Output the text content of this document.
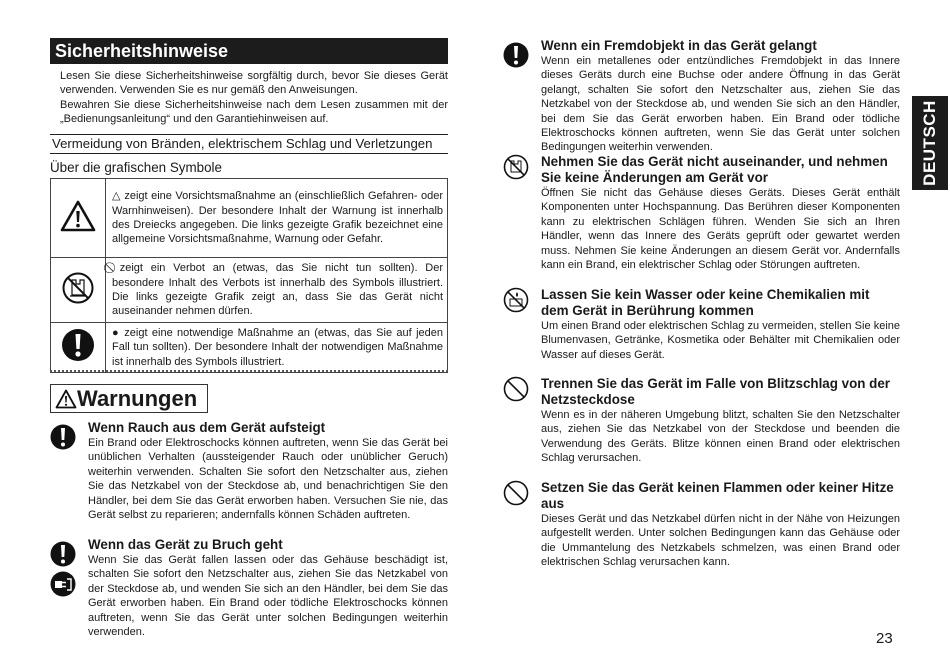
Sicherheitshinweise

Lesen Sie diese Sicherheitshinweise sorgfältig durch, bevor Sie dieses Gerät verwenden. Verwenden Sie es nur gemäß den Anweisungen.

Bewahren Sie diese Sicherheitshinweise nach dem Lesen zusammen mit der „Bedienungsanleitung“ und den Garantiehinweisen auf.

Vermeidung von Bränden, elektrischem Schlag und Verletzungen
Über die grafischen Symbole
	△ zeigt eine Vorsichtsmaßnahme an (einschließlich Gefahren- oder Warnhinweisen). Der besondere Inhalt der Warnung ist innerhalb des Dreiecks angegeben. Die links gezeigte Grafik bezeichnet eine allgemeine Vorsichtsmaßnahme, Warnung oder Gefahr.
	⃠ zeigt ein Verbot an (etwas, das Sie nicht tun sollten). Der besondere Inhalt des Verbots ist innerhalb des Symbols illustriert. Die links gezeigte Grafik zeigt an, dass Sie das Gerät nicht auseinander nehmen dürfen.
	● zeigt eine notwendige Maßnahme an (etwas, das Sie auf jeden Fall tun sollten). Der besondere Inhalt der notwendigen Maßnahme ist innerhalb des Symbols illustriert.
Warnungen
Wenn Rauch aus dem Gerät aufsteigt

Ein Brand oder Elektroschocks können auftreten, wenn Sie das Gerät bei unüblichen Verhalten (aussteigender Rauch oder unüblicher Geruch) weiterhin verwenden. Schalten Sie sofort den Netzschalter aus, ziehen Sie das Netzkabel von der Steckdose ab, und benachrichtigen Sie den Händler, bei dem Sie das Gerät erworben haben. Versuchen Sie nie, das Gerät selbst zu reparieren; andernfalls können Schäden auftreten.

Wenn das Gerät zu Bruch geht

Wenn Sie das Gerät fallen lassen oder das Gehäuse beschädigt ist, schalten Sie sofort den Netzschalter aus, ziehen Sie das Netzkabel von der Steckdose ab, und wenden Sie sich an den Händler, bei dem Sie das Gerät erworben haben. Ein Brand oder tödliche Elektroschocks können auftreten, wenn Sie das Gerät unter solchen Bedingungen weiterhin verwenden.

Wenn ein Fremdobjekt in das Gerät gelangt

Wenn ein metallenes oder entzündliches Fremdobjekt in das Innere dieses Geräts durch eine Buchse oder andere Öffnung in das Gerät gelangt, schalten Sie sofort den Netzschalter aus, ziehen Sie das Netzkabel von der Steckdose ab, und wenden Sie sich an den Händler, bei dem Sie das Gerät erworben haben. Ein Brand oder tödliche Elektroschocks können auftreten, wenn Sie das Gerät unter solchen Bedingungen weiterhin verwenden.

Nehmen Sie das Gerät nicht auseinander, und nehmen Sie keine Änderungen am Gerät vor

Öffnen Sie nicht das Gehäuse dieses Geräts. Dieses Gerät enthält Komponenten unter Hochspannung. Das Berühren dieser Komponenten kann zu elektrischen Schlägen führen. Wenden Sie sich an Ihren Händler, wenn das Innere des Geräts geprüft oder gewartet werden muss. Nehmen Sie keine Änderungen an diesem Gerät vor. Andernfalls kann ein Brand, ein elektrischer Schlag oder Störungen auftreten.

Lassen Sie kein Wasser oder keine Chemikalien mit dem Gerät in Berührung kommen

Um einen Brand oder elektrischen Schlag zu vermeiden, stellen Sie keine Blumenvasen, Getränke, Kosmetika oder Behälter mit Chemikalien oder Wasser auf dieses Gerät.

Trennen Sie das Gerät im Falle von Blitzschlag von der Netzsteckdose

Wenn es in der näheren Umgebung blitzt, schalten Sie den Netzschalter aus, ziehen Sie das Netzkabel von der Steckdose und beenden die Verwendung des Geräts. Blitze können einen Brand oder elektrischen Schlag verursachen.

Setzen Sie das Gerät keinen Flammen oder keiner Hitze aus

Dieses Gerät und das Netzkabel dürfen nicht in der Nähe von Heizungen aufgestellt werden. Unter solchen Bedingungen kann das Gehäuse oder die Ummantelung des Netzkabels schmelzen, was einen Brand oder elektrischen Schlag verursachen kann.

DEUTSCH
23
